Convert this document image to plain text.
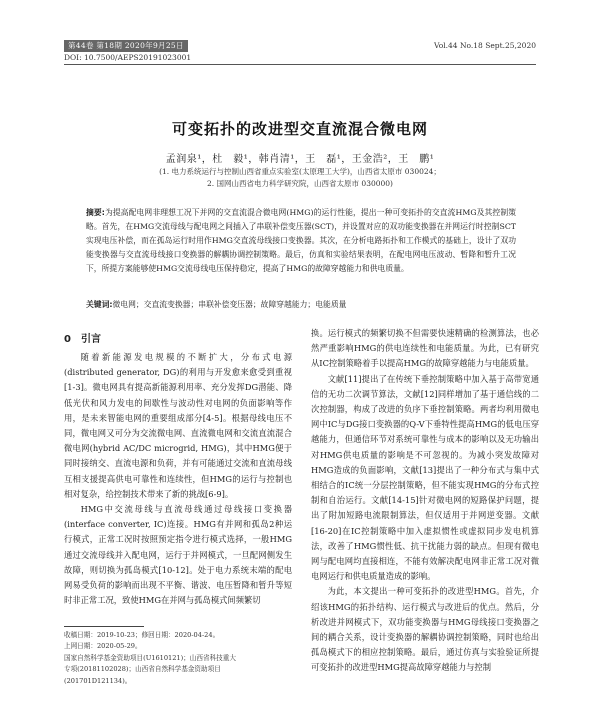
第44卷 第18期 2020年9月25日	Vol.44 No.18 Sept.25,2020
DOI: 10.7500/AEPS20191023001
可变拓扑的改进型交直流混合微电网
孟润泉¹，杜　毅¹，韩肖清¹，王　磊¹，王金浩²，王　鹏¹
(1. 电力系统运行与控制山西省重点实验室(太原理工大学)，山西省太原市 030024；
2. 国网山西省电力科学研究院，山西省太原市 030000)
摘要:为提高配电网非理想工况下并网的交直流混合微电网(HMG)的运行性能，提出一种可变拓扑的交直流HMG及其控制策略。首先，在HMG交流母线与配电网之间插入了串联补偿变压器(SCT)，并设置对应的双功能变换器在并网运行时控制SCT实现电压补偿，而在孤岛运行时用作HMG交直流母线接口变换器。其次，在分析电路拓扑和工作模式的基础上，设计了双功能变换器与交直流母线接口变换器的解耦协调控制策略。最后，仿真和实验结果表明，在配电网电压波动、暂降和暂升工况下，所提方案能够使HMG交流母线电压保持稳定，提高了HMG的故障穿越能力和供电质量。
关键词:微电网；交直流变换器；串联补偿变压器；故障穿越能力；电能质量
0　引言

随着新能源发电规模的不断扩大，分布式电源(distributed generator, DG)的利用与开发愈来愈受到重视[1-3]。微电网具有提高新能源利用率、充分发挥DG潜能、降低光伏和风力发电的间歇性与波动性对电网的负面影响等作用，是未来智能电网的重要组成部分[4-5]。根据母线电压不同，微电网又可分为交流微电网、直流微电网和交流直流混合微电网(hybrid AC/DC microgrid, HMG)，其中HMG便于同时接纳交、直流电源和负荷，并有可能通过交流和直流母线互相支援提高供电可靠性和连续性，但HMG的运行与控制也相对复杂，给控制技术带来了新的挑战[6-9]。

HMG中交流母线与直流母线通过母线接口变换器(interface converter, IC)连接。HMG有并网和孤岛2种运行模式，正常工况时按照预定指令进行模式选择，一般HMG通过交流母线并入配电网，运行于并网模式，一旦配网侧发生故障，则切换为孤岛模式[10-12]。处于电力系统末端的配电网易受负荷的影响而出现不平衡、谐波、电压暂降和暂升等短时非正常工况，致使HMG在并网与孤岛模式间频繁切

换。运行模式的频繁切换不但需要快速精确的检测算法，也必然严重影响HMG的供电连续性和电能质量。为此，已有研究从IC控制策略着手以提高HMG的故障穿越能力与电能质量。

文献[11]提出了在传统下垂控制策略中加入基于高带宽通信的无功二次调节算法，文献[12]同样增加了基于通信线的二次控制器，构成了改进的负序下垂控制策略。两者均利用微电网中IC与DG接口变换器的Q-V下垂特性提高HMG的低电压穿越能力，但通信环节对系统可靠性与成本的影响以及无功输出对HMG供电质量的影响是不可忽视的。为减小突发故障对HMG造成的负面影响，文献[13]提出了一种分布式与集中式相结合的IC统一分层控制策略，但不能实现HMG的分布式控制和自治运行。文献[14-15]针对微电网的短路保护问题，提出了附加短路电流限制算法，但仅适用于并网逆变器。文献[16-20]在IC控制策略中加入虚拟惯性或虚拟同步发电机算法，改善了HMG惯性低、抗干扰能力弱的缺点。但现有微电网与配电网均直接相连，不能有效解决配电网非正常工况对微电网运行和供电质量造成的影响。

为此，本文提出一种可变拓扑的改进型HMG。首先，介绍该HMG的拓扑结构、运行模式与改进后的优点。然后，分析改进并网模式下，双功能变换器与HMG母线接口变换器之间的耦合关系，设计变换器的解耦协调控制策略，同时也给出孤岛模式下的相应控制策略。最后，通过仿真与实验验证所提可变拓扑的改进型HMG提高故障穿越能力与控制

收稿日期：2019-10-23；修回日期：2020-04-24。
上网日期：2020-05-29。
国家自然科学基金资助项目(U1610121)；山西省科技重大
专项(20181102028)；山西省自然科学基金资助项目
(201701D121134)。
